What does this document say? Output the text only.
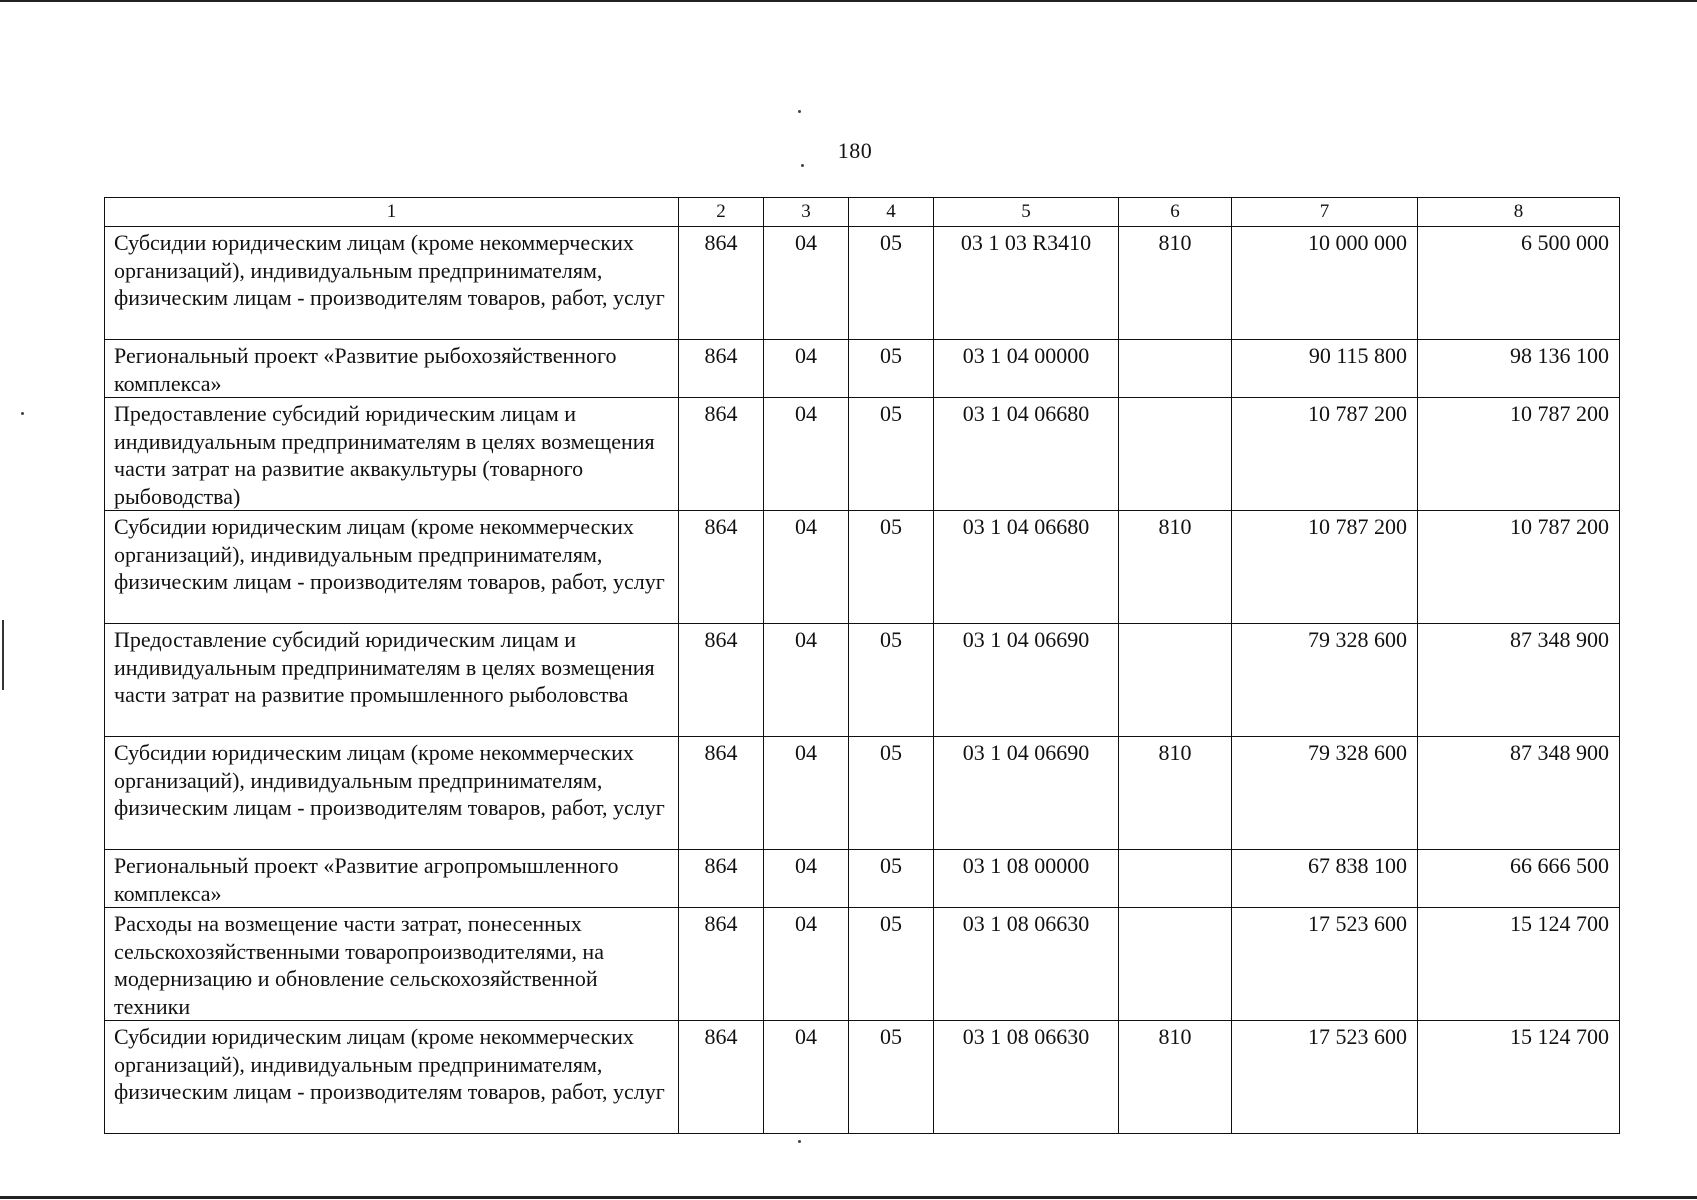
180
1	2	3	4	5	6	7	8
Субсидии юридическим лицам (кроме некоммерческих организаций), индивидуальным предпринимателям, физическим лицам - производителям товаров, работ, услуг	864	04	05	03 1 03 R3410	810	10 000 000	6 500 000
Региональный проект «Развитие рыбохозяйственного комплекса»	864	04	05	03 1 04 00000		90 115 800	98 136 100
Предоставление субсидий юридическим лицам и индивидуальным предпринимателям в целях возмещения части затрат на развитие аквакультуры (товарного рыбоводства)	864	04	05	03 1 04 06680		10 787 200	10 787 200
Субсидии юридическим лицам (кроме некоммерческих организаций), индивидуальным предпринимателям, физическим лицам - производителям товаров, работ, услуг	864	04	05	03 1 04 06680	810	10 787 200	10 787 200
Предоставление субсидий юридическим лицам и индивидуальным предпринимателям в целях возмещения части затрат на развитие промышленного рыболовства	864	04	05	03 1 04 06690		79 328 600	87 348 900
Субсидии юридическим лицам (кроме некоммерческих организаций), индивидуальным предпринимателям, физическим лицам - производителям товаров, работ, услуг	864	04	05	03 1 04 06690	810	79 328 600	87 348 900
Региональный проект «Развитие агропромышленного комплекса»	864	04	05	03 1 08 00000		67 838 100	66 666 500
Расходы на возмещение части затрат, понесенных сельскохозяйственными товаропроизводителями, на модернизацию и обновление сельскохозяйственной техники	864	04	05	03 1 08 06630		17 523 600	15 124 700
Субсидии юридическим лицам (кроме некоммерческих организаций), индивидуальным предпринимателям, физическим лицам - производителям товаров, работ, услуг	864	04	05	03 1 08 06630	810	17 523 600	15 124 700
